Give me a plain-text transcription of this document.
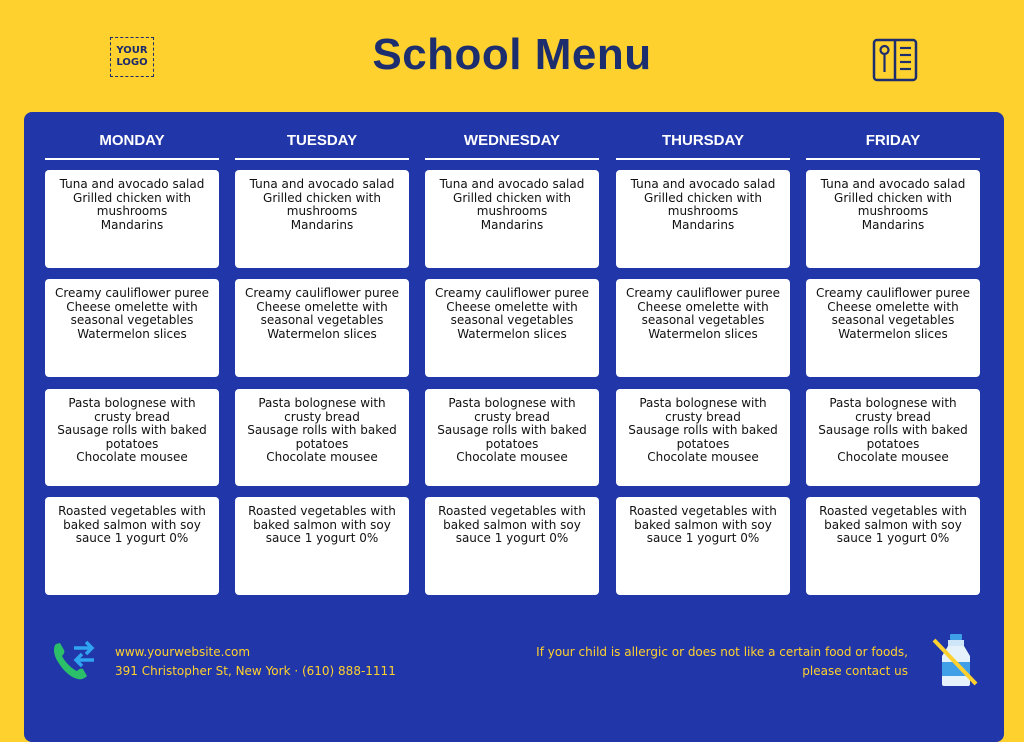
YOUR
LOGO	School Menu
MONDAY
Tuna and avocado salad
Grilled chicken with mushrooms
Mandarins
Creamy cauliflower puree
Cheese omelette with seasonal vegetables
Watermelon slices
Pasta bolognese with crusty bread
Sausage rolls with baked potatoes
Chocolate mousee
Roasted vegetables with baked salmon with soy sauce 1 yogurt 0%
TUESDAY
Tuna and avocado salad
Grilled chicken with mushrooms
Mandarins
Creamy cauliflower puree
Cheese omelette with seasonal vegetables
Watermelon slices
Pasta bolognese with crusty bread
Sausage rolls with baked potatoes
Chocolate mousee
Roasted vegetables with baked salmon with soy sauce 1 yogurt 0%
WEDNESDAY
Tuna and avocado salad
Grilled chicken with mushrooms
Mandarins
Creamy cauliflower puree
Cheese omelette with seasonal vegetables
Watermelon slices
Pasta bolognese with crusty bread
Sausage rolls with baked potatoes
Chocolate mousee
Roasted vegetables with baked salmon with soy sauce 1 yogurt 0%
THURSDAY
Tuna and avocado salad
Grilled chicken with mushrooms
Mandarins
Creamy cauliflower puree
Cheese omelette with seasonal vegetables
Watermelon slices
Pasta bolognese with crusty bread
Sausage rolls with baked potatoes
Chocolate mousee
Roasted vegetables with baked salmon with soy sauce 1 yogurt 0%
FRIDAY
Tuna and avocado salad
Grilled chicken with mushrooms
Mandarins
Creamy cauliflower puree
Cheese omelette with seasonal vegetables
Watermelon slices
Pasta bolognese with crusty bread
Sausage rolls with baked potatoes
Chocolate mousee
Roasted vegetables with baked salmon with soy sauce 1 yogurt 0%
www.yourwebsite.com
391 Christopher St, New York · (610) 888-1111
If your child is allergic or does not like a certain food or foods, please contact us
